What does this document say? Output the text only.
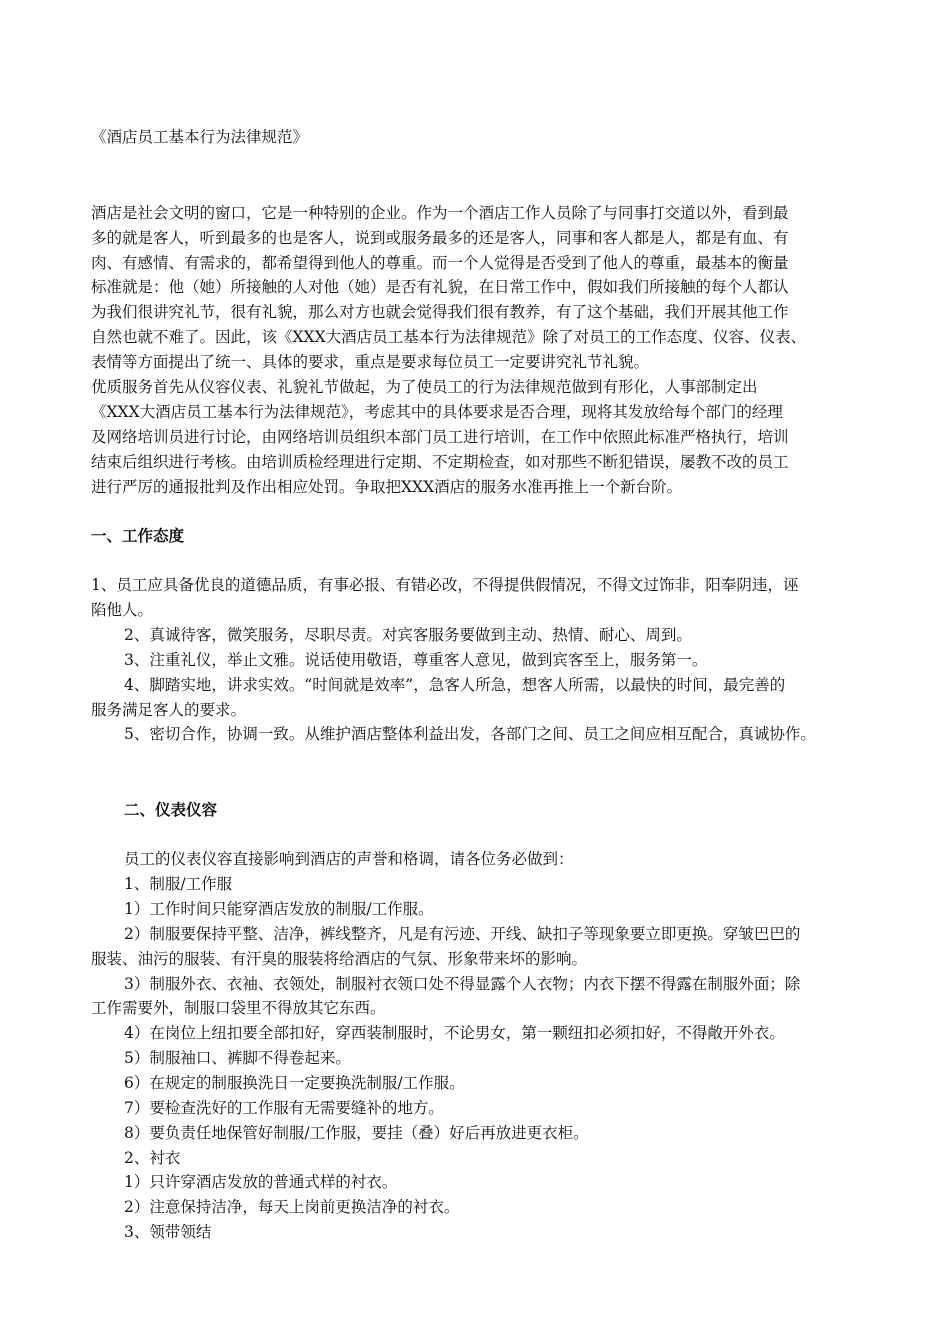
《酒店员工基本行为法律规范》
酒店是社会文明的窗口，它是一种特别的企业。作为一个酒店工作人员除了与同事打交道以外，看到最
多的就是客人，听到最多的也是客人，说到或服务最多的还是客人，同事和客人都是人，都是有血、有
肉、有感情、有需求的，都希望得到他人的尊重。而一个人觉得是否受到了他人的尊重，最基本的衡量
标准就是：他（她）所接触的人对他（她）是否有礼貌，在日常工作中，假如我们所接触的每个人都认
为我们很讲究礼节，很有礼貌，那么对方也就会觉得我们很有教养，有了这个基础，我们开展其他工作
自然也就不难了。因此，该《XXX大酒店员工基本行为法律规范》除了对员工的工作态度、仪容、仪表、
表情等方面提出了统一、具体的要求，重点是要求每位员工一定要讲究礼节礼貌。
优质服务首先从仪容仪表、礼貌礼节做起，为了使员工的行为法律规范做到有形化，人事部制定出
《XXX大酒店员工基本行为法律规范》，考虑其中的具体要求是否合理，现将其发放给每个部门的经理
及网络培训员进行讨论，由网络培训员组织本部门员工进行培训，在工作中依照此标准严格执行，培训
结束后组织进行考核。由培训质检经理进行定期、不定期检查，如对那些不断犯错误，屡教不改的员工
进行严厉的通报批判及作出相应处罚。争取把XXX酒店的服务水准再推上一个新台阶。
一、工作态度
1、员工应具备优良的道德品质，有事必报、有错必改，不得提供假情况，不得文过饰非，阳奉阴违，诬
陷他人。
2、真诚待客，微笑服务，尽职尽责。对宾客服务要做到主动、热情、耐心、周到。
3、注重礼仪，举止文雅。说话使用敬语，尊重客人意见，做到宾客至上，服务第一。
4、脚踏实地，讲求实效。“时间就是效率”，急客人所急，想客人所需，以最快的时间，最完善的
服务满足客人的要求。
5、密切合作，协调一致。从维护酒店整体利益出发，各部门之间、员工之间应相互配合，真诚协作。
二、仪表仪容
员工的仪表仪容直接影响到酒店的声誉和格调，请各位务必做到：
1、制服/工作服
1）工作时间只能穿酒店发放的制服/工作服。
2）制服要保持平整、洁净，裤线整齐，凡是有污迹、开线、缺扣子等现象要立即更换。穿皱巴巴的
服装、油污的服装、有汗臭的服装将给酒店的气氛、形象带来坏的影响。
3）制服外衣、衣袖、衣领处，制服衬衣领口处不得显露个人衣物；内衣下摆不得露在制服外面；除
工作需要外，制服口袋里不得放其它东西。
4）在岗位上纽扣要全部扣好，穿西装制服时，不论男女，第一颗纽扣必须扣好，不得敞开外衣。
5）制服袖口、裤脚不得卷起来。
6）在规定的制服换洗日一定要换洗制服/工作服。
7）要检查洗好的工作服有无需要缝补的地方。
8）要负责任地保管好制服/工作服，要挂（叠）好后再放进更衣柜。
2、衬衣
1）只许穿酒店发放的普通式样的衬衣。
2）注意保持洁净，每天上岗前更换洁净的衬衣。
3、领带领结
